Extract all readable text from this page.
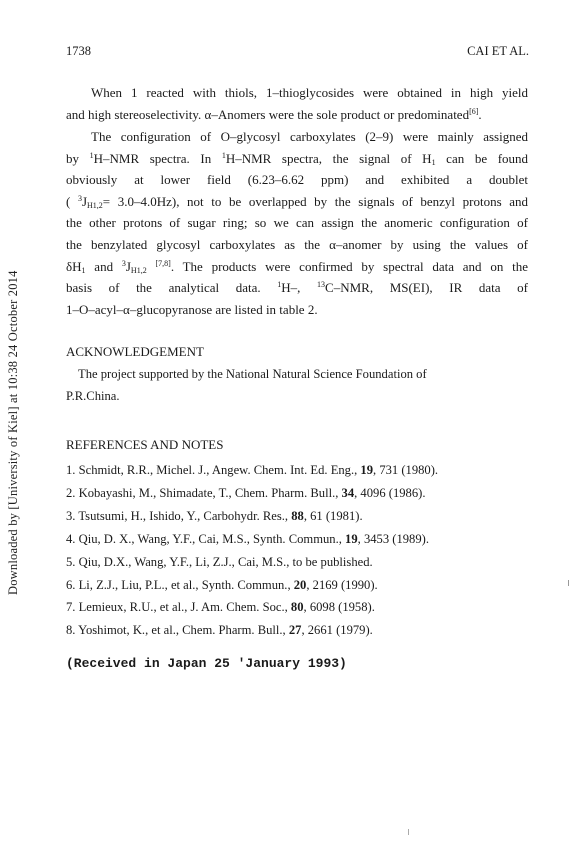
Downloaded by [University of Kiel] at 10:38 24 October 2014
1738	CAI ET AL.

When 1 reacted with thiols, 1–thioglycosides were obtained in high yield

and high stereoselectivity. α–Anomers were the sole product or predominated[6].

The configuration of O–glycosyl carboxylates (2–9) were mainly assigned

by $^1$H–NMR spectra. In $^1$H–NMR spectra, the signal of $H_1$ can be found

obviously at lower field (6.23–6.62 ppm) and exhibited a doublet

( $^3J_{H1,2}= 3.0-4.0Hz$), not to be overlapped by the signals of benzyl protons and

the other protons of sugar ring; so we can assign the anomeric configuration of

the benzylated glycosyl carboxylates as the α–anomer by using the values of

$\delta H_1$ and $^3J_{H1,2}$ [7,8]. The products were confirmed by spectral data and on the

basis of the analytical data. $^1$H–, $^{13}$C–NMR, MS(EI), IR data of

1–O–acyl–α–glucopyranose are listed in table 2.

ACKNOWLEDGEMENT
The project supported by the National Natural Science Foundation of
P.R.China.
REFERENCES AND NOTES
1. Schmidt, R.R., Michel. J., Angew. Chem. Int. Ed. Eng., 19, 731 (1980).
2. Kobayashi, M., Shimadate, T., Chem. Pharm. Bull., 34, 4096 (1986).
3. Tsutsumi, H., Ishido, Y., Carbohydr. Res., 88, 61 (1981).
4. Qiu, D. X., Wang, Y.F., Cai, M.S., Synth. Commun., 19, 3453 (1989).
5. Qiu, D.X., Wang, Y.F., Li, Z.J., Cai, M.S., to be published.
6. Li, Z.J., Liu, P.L., et al., Synth. Commun., 20, 2169 (1990).
7. Lemieux, R.U., et al., J. Am. Chem. Soc., 80, 6098 (1958).
8. Yoshimot, K., et al., Chem. Pharm. Bull., 27, 2661 (1979).
(Received in Japan 25 'January 1993)
